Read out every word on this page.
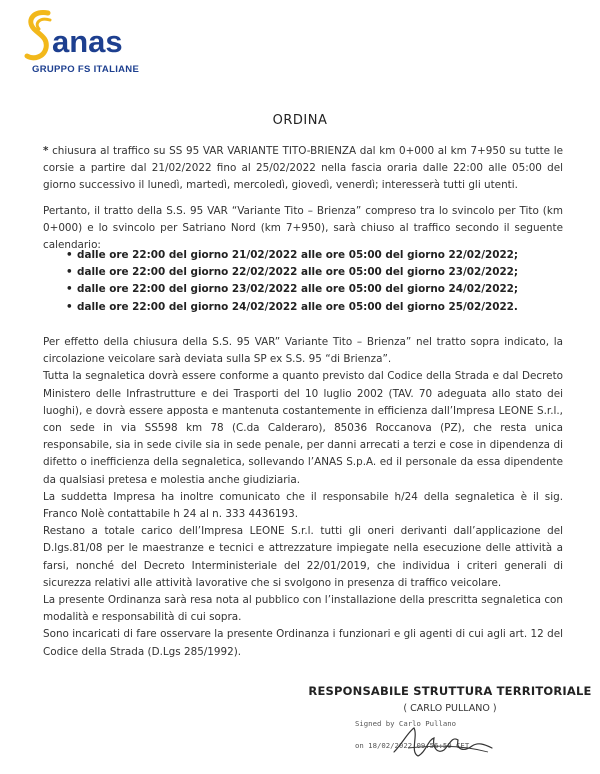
anas
GRUPPO FS ITALIANE
ORDINA

* chiusura al traffico su SS 95 VAR VARIANTE TITO-BRIENZA dal km 0+000 al km 7+950 su tutte le corsie a partire dal 21/02/2022 fino al 25/02/2022 nella fascia oraria dalle 22:00 alle 05:00 del giorno successivo il lunedì, martedì, mercoledì, giovedì, venerdì; interesserà tutti gli utenti.

Pertanto, il tratto della S.S. 95 VAR “Variante Tito – Brienza” compreso tra lo svincolo per Tito (km 0+000) e lo svincolo per Satriano Nord (km 7+950), sarà chiuso al traffico secondo il seguente calendario:

• dalle ore 22:00 del giorno 21/02/2022 alle ore 05:00 del giorno 22/02/2022;
• dalle ore 22:00 del giorno 22/02/2022 alle ore 05:00 del giorno 23/02/2022;
• dalle ore 22:00 del giorno 23/02/2022 alle ore 05:00 del giorno 24/02/2022;
• dalle ore 22:00 del giorno 24/02/2022 alle ore 05:00 del giorno 25/02/2022.

Per effetto della chiusura della S.S. 95 VAR” Variante Tito – Brienza” nel tratto sopra indicato, la circolazione veicolare sarà deviata sulla SP ex S.S. 95 “di Brienza”.

Tutta la segnaletica dovrà essere conforme a quanto previsto dal Codice della Strada e dal Decreto Ministero delle Infrastrutture e dei Trasporti del 10 luglio 2002 (TAV. 70 adeguata allo stato dei luoghi), e dovrà essere apposta e mantenuta costantemente in efficienza dall’Impresa LEONE S.r.l., con sede in via SS598 km 78 (C.da Calderaro), 85036 Roccanova (PZ), che resta unica responsabile, sia in sede civile sia in sede penale, per danni arrecati a terzi e cose in dipendenza di difetto o inefficienza della segnaletica, sollevando l’ANAS S.p.A. ed il personale da essa dipendente da qualsiasi pretesa e molestia anche giudiziaria.

La suddetta Impresa ha inoltre comunicato che il responsabile h/24 della segnaletica è il sig. Franco Nolè contattabile h 24 al n. 333 4436193.

Restano a totale carico dell’Impresa LEONE S.r.l. tutti gli oneri derivanti dall’applicazione del D.lgs.81/08 per le maestranze e tecnici e attrezzature impiegate nella esecuzione delle attività a farsi, nonché del Decreto Interministeriale del 22/01/2019, che individua i criteri generali di sicurezza relativi alle attività lavorative che si svolgono in presenza di traffico veicolare.

La presente Ordinanza sarà resa nota al pubblico con l’installazione della prescritta segnaletica con modalità e responsabilità di cui sopra.

Sono incaricati di fare osservare la presente Ordinanza i funzionari e gli agenti di cui agli art. 12 del Codice della Strada (D.Lgs 285/1992).

RESPONSABILE STRUTTURA TERRITORIALE
( CARLO PULLANO )
Signed by Carlo Pullano
on 18/02/2022 09:56:59 CET
